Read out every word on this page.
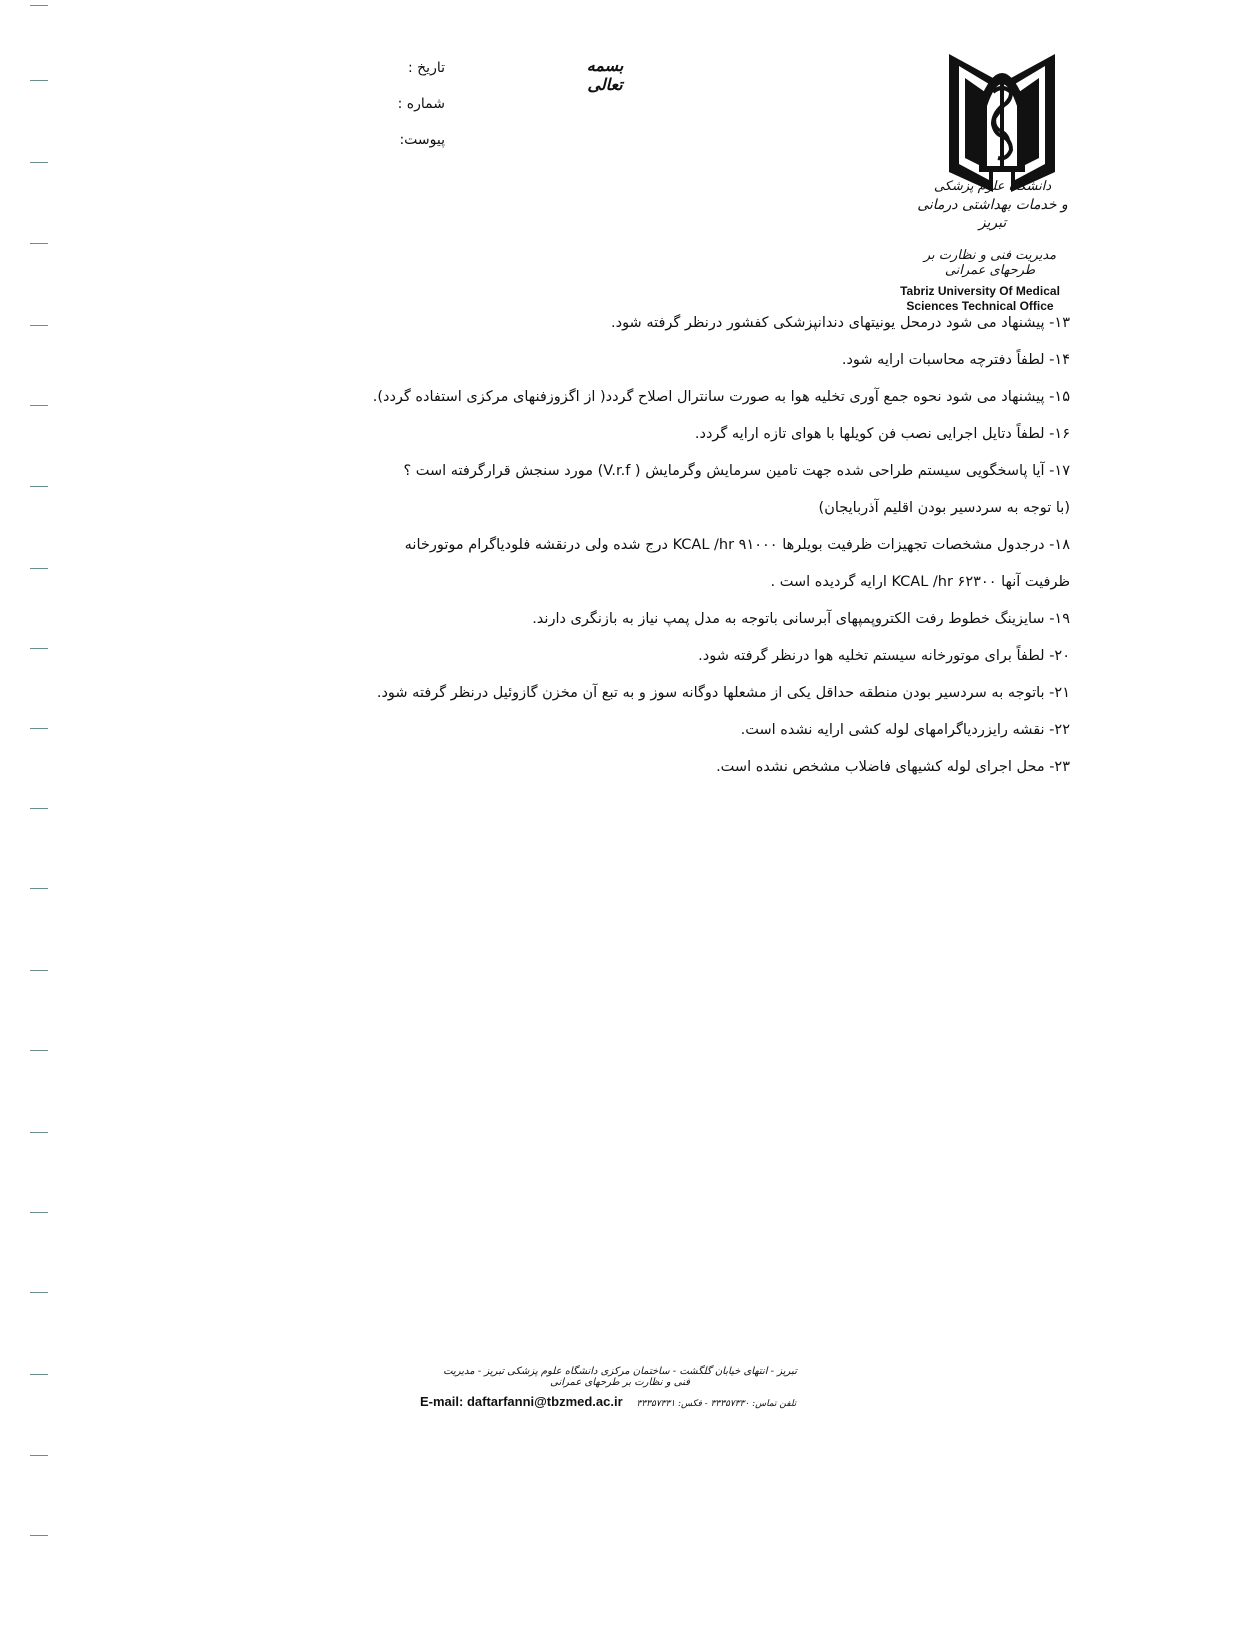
دانشگاه علوم پزشکی
و خدمات بهداشتی درمانی تبریز
مدیریت فنی و نظارت بر طرحهای عمرانی
Tabriz University Of Medical
Sciences Technical Office
بسمه تعالی
تاریخ :
شماره :
پیوست:
۱۳- پیشنهاد می شود درمحل یونیتهای دندانپزشکی کفشور درنظر گرفته شود.
۱۴- لطفاً دفترچه محاسبات ارایه شود.
۱۵- پیشنهاد می شود نحوه جمع آوری تخلیه هوا به صورت سانترال اصلاح گردد( از اگزوزفنهای مرکزی استفاده گردد).
۱۶- لطفاً دتایل اجرایی نصب فن کویلها با هوای تازه ارایه گردد.
۱۷- آیا پاسخگویی سیستم طراحی شده جهت تامین سرمایش وگرمایش ( V.r.f) مورد سنجش قرارگرفته است ؟
(با توجه به سردسیر بودن اقلیم آذربایجان)
۱۸- درجدول مشخصات تجهیزات ظرفیت بویلرها KCAL /hr ۹۱۰۰۰ درج شده ولی درنقشه فلودیاگرام موتورخانه
ظرفیت آنها KCAL /hr ۶۲۳۰۰ ارایه گردیده است .
۱۹- سایزینگ خطوط رفت الکتروپمپهای آبرسانی باتوجه به مدل پمپ نیاز به بازنگری دارند.
۲۰- لطفاً برای موتورخانه سیستم تخلیه هوا درنظر گرفته شود.
۲۱- باتوجه به سردسیر بودن منطقه حداقل یکی از مشعلها دوگانه سوز و به تبع آن مخزن گازوئیل درنظر گرفته شود.
۲۲- نقشه رایزردیاگرامهای لوله کشی ارایه نشده است.
۲۳- محل اجرای لوله کشیهای فاضلاب مشخص نشده است.
تبریز - انتهای خیابان گلگشت - ساختمان مرکزی دانشگاه علوم پزشکی تبریز - مدیریت فنی و نظارت بر طرحهای عمرانی
E-mail: daftarfanni@tbzmed.ac.ir تلفن تماس: ۳۳۳۵۷۳۳۰ - فکس: ۳۳۳۵۷۳۳۱
